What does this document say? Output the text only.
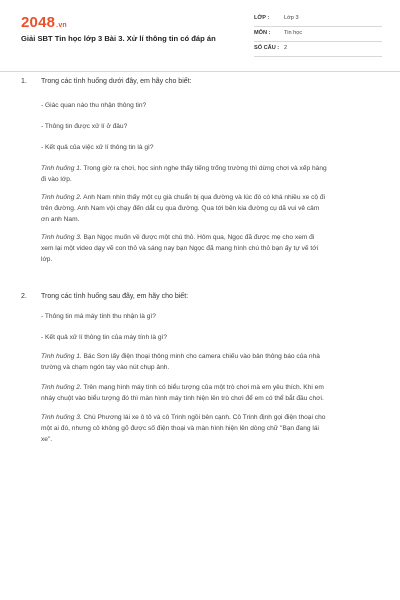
2048.vn
Giải SBT Tin học lớp 3 Bài 3. Xử lí thông tin có đáp án
LỚP :	Lớp 3
MÔN : Tin học
SỐ CÂU : 2
1. Trong các tình huống dưới đây, em hãy cho biết:
- Giác quan nào thu nhận thông tin?
- Thông tin được xử lí ở đâu?
- Kết quả của việc xử lí thông tin là gì?
Tình huống 1. Trong giờ ra chơi, học sinh nghe thấy tiếng trống trường thì dừng chơi và xếp hàng
đi vào lớp.
Tình huống 2. Anh Nam nhìn thấy một cụ già chuẩn bị qua đường và lúc đó có khá nhiều xe cộ đi
trên đường. Anh Nam vội chạy đến dắt cụ qua đường. Qua tới bên kia đường cụ dã vui vẻ cảm
ơn anh Nam.
Tình huống 3. Bạn Ngọc muốn về được một chú thỏ. Hôm qua, Ngọc đã được mẹ cho xem đi
xem lại một video dạy vẽ con thỏ và sáng nay bạn Ngọc đã mang hình chú thỏ bạn ấy tự vẽ tới
lớp.
2. Trong các tình huống sau đây, em hãy cho biết:
- Thông tin mà máy tính thu nhận là gì?
- Kết quả xử lí thông tin của máy tính là gì?
Tình huống 1. Bác Sơn lấy điện thoại thông minh cho camera chiếu vào bản thông báo của nhà
trường và chạm ngón tay vào nút chụp ảnh.
Tình huống 2. Trên mạng hình máy tính có biểu tượng của một trò chơi mà em yêu thích. Khi em
nháy chuột vào biểu tượng đó thì màn hình máy tính hiện lên trò chơi để em có thể bắt đầu chơi.
Tình huống 3. Chú Phương lái xe ô tô và cô Trinh ngồi bên cạnh. Cô Trinh định gọi điện thoại cho
một ai đó, nhưng cô không gõ được số điện thoại và màn hình hiện lên dòng chữ "Bạn đang lái
xe".
